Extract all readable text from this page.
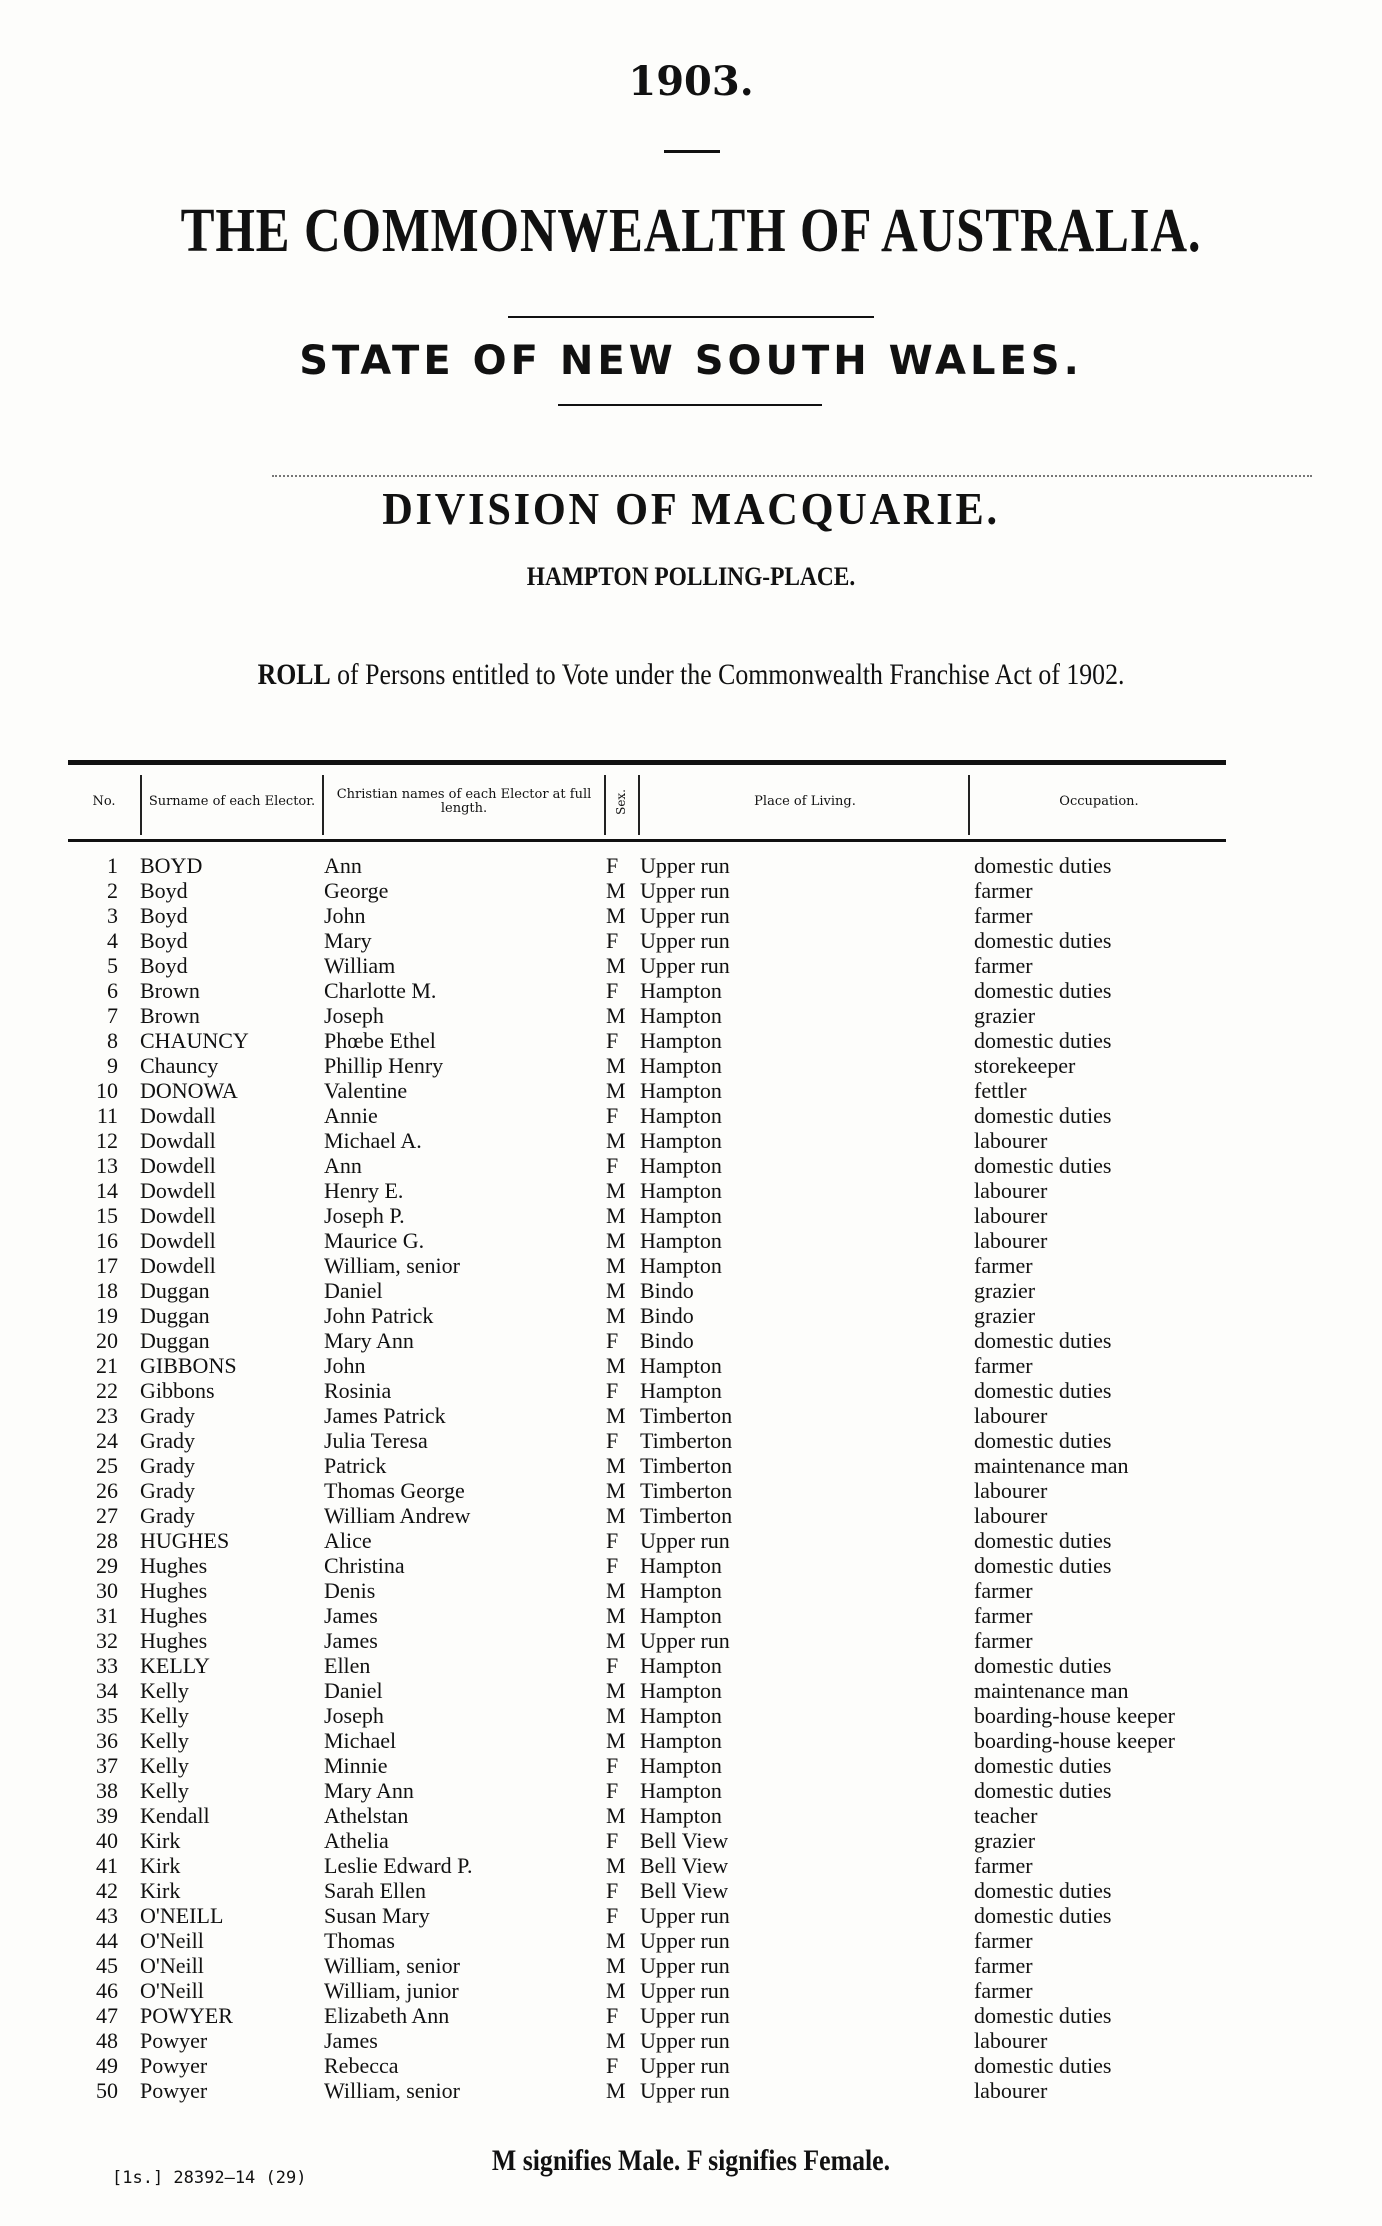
1903.
THE COMMONWEALTH OF AUSTRALIA.
STATE OF NEW SOUTH WALES.
DIVISION OF MACQUARIE.
HAMPTON POLLING-PLACE.
ROLL of Persons entitled to Vote under the Commonwealth Franchise Act of 1902.
No.	Surname of each Elector.	Christian names of each Elector at full length.	Sex.	Place of Living.	Occupation.
1 BOYD	Ann	F Upper run	domestic duties
2 Boyd	George	M Upper run	farmer
3 Boyd	John	M Upper run	farmer
4 Boyd	Mary	F Upper run	domestic duties
5 Boyd	William	M Upper run	farmer
6 Brown	Charlotte M.	F Hampton	domestic duties
7 Brown	Joseph	M Hampton	grazier
8 CHAUNCY	Phœbe Ethel	F Hampton	domestic duties
9 Chauncy	Phillip Henry	M Hampton	storekeeper
10 DONOWA	Valentine	M Hampton	fettler
11 Dowdall	Annie	F Hampton	domestic duties
12 Dowdall	Michael A.	M Hampton	labourer
13 Dowdell	Ann	F Hampton	domestic duties
14 Dowdell	Henry E.	M Hampton	labourer
15 Dowdell	Joseph P.	M Hampton	labourer
16 Dowdell	Maurice G.	M Hampton	labourer
17 Dowdell	William, senior	M Hampton	farmer
18 Duggan	Daniel	M Bindo	grazier
19 Duggan	John Patrick	M Bindo	grazier
20 Duggan	Mary Ann	F Bindo	domestic duties
21 GIBBONS	John	M Hampton	farmer
22 Gibbons	Rosinia	F Hampton	domestic duties
23 Grady	James Patrick	M Timberton	labourer
24 Grady	Julia Teresa	F Timberton	domestic duties
25 Grady	Patrick	M Timberton	maintenance man
26 Grady	Thomas George	M Timberton	labourer
27 Grady	William Andrew	M Timberton	labourer
28 HUGHES	Alice	F Upper run	domestic duties
29 Hughes	Christina	F Hampton	domestic duties
30 Hughes	Denis	M Hampton	farmer
31 Hughes	James	M Hampton	farmer
32 Hughes	James	M Upper run	farmer
33 KELLY	Ellen	F Hampton	domestic duties
34 Kelly	Daniel	M Hampton	maintenance man
35 Kelly	Joseph	M Hampton	boarding-house keeper
36 Kelly	Michael	M Hampton	boarding-house keeper
37 Kelly	Minnie	F Hampton	domestic duties
38 Kelly	Mary Ann	F Hampton	domestic duties
39 Kendall	Athelstan	M Hampton	teacher
40 Kirk	Athelia	F Bell View	grazier
41 Kirk	Leslie Edward P.	M Bell View	farmer
42 Kirk	Sarah Ellen	F Bell View	domestic duties
43 O'NEILL	Susan Mary	F Upper run	domestic duties
44 O'Neill	Thomas	M Upper run	farmer
45 O'Neill	William, senior	M Upper run	farmer
46 O'Neill	William, junior	M Upper run	farmer
47 POWYER	Elizabeth Ann	F Upper run	domestic duties
48 Powyer	James	M Upper run	labourer
49 Powyer	Rebecca	F Upper run	domestic duties
50 Powyer	William, senior	M Upper run	labourer
M signifies Male. F signifies Female.
[1s.] 28392—14 (29)
